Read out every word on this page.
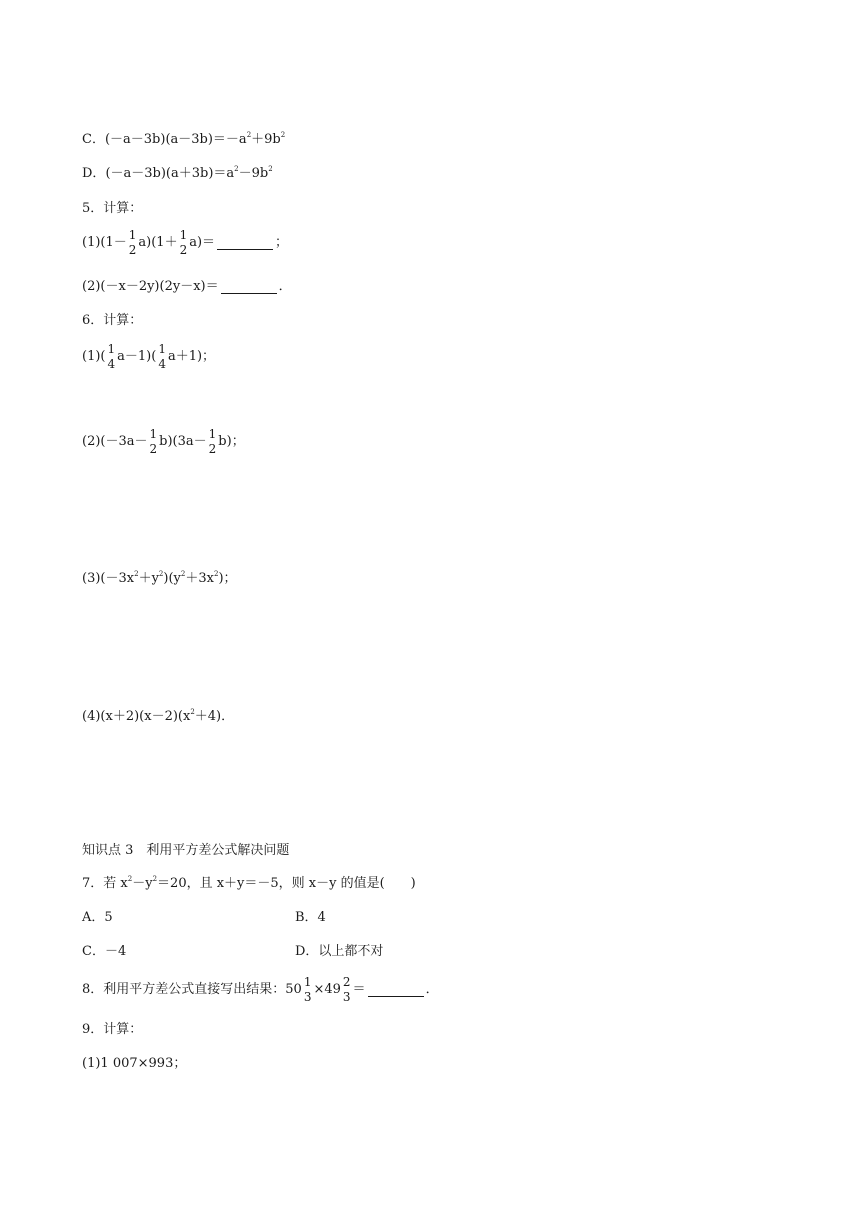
C．$(-a-3b)(a-3b)=-a^2+9b^2$
D．$(-a-3b)(a+3b)=a^2-9b^2$
5．计算：
(1)(1－ 1
2 a)(1＋ 1
2 a)＝	；
(2)(－x－2y)(2y－x)＝	．
6．计算：
(1)( 1
4 a－1)( 1
4 a＋1)；
(2)(－3a－ 1
2 b)(3a－ 1
2 b)；
$(3)(-3x^2+y^2)(y^2+3x^2)$；
$(4)(x+2)(x-2)(x^2+4)$．
知识点 3　利用平方差公式解决问题
7．若 $x^2-y^2=20$，且 x＋y＝－5，则 x－y 的值是(　　)
A．5	B．4
C．－4	D．以上都不对
8．利用平方差公式直接写出结果：50 1
3 ×49 2
3 ＝	．
9．计算：
(1)1 007×993；
